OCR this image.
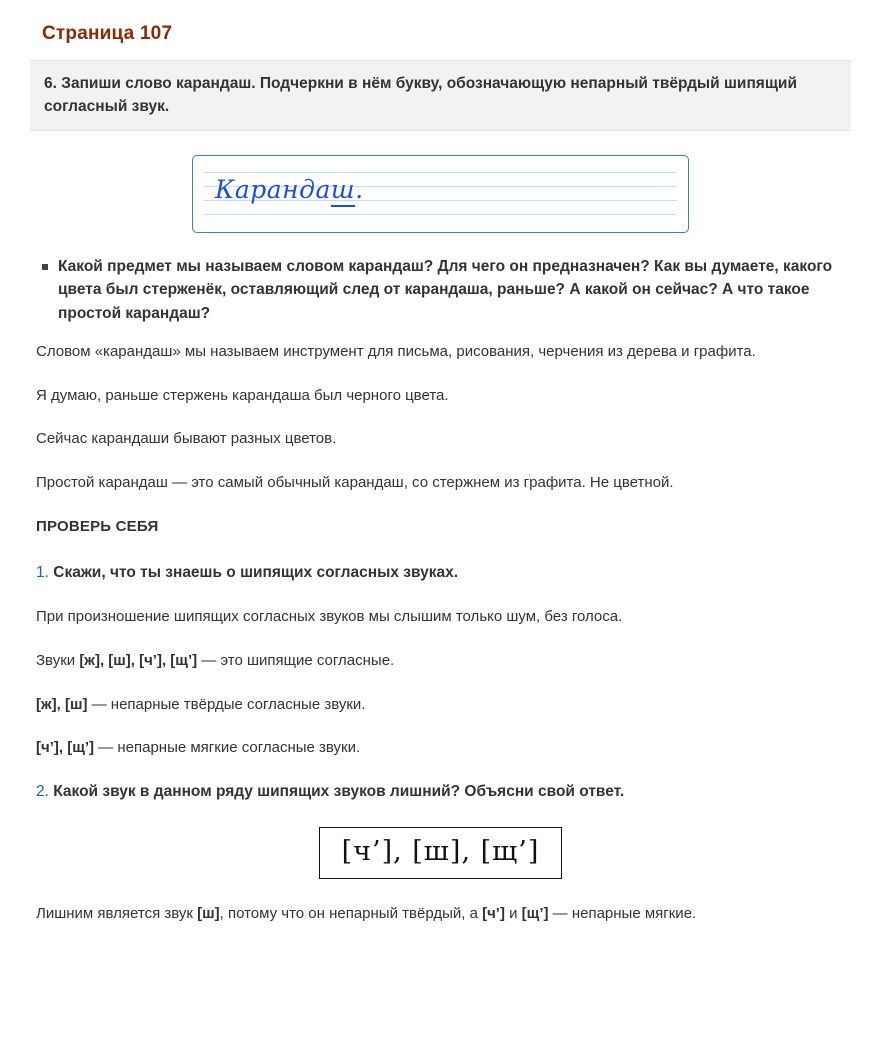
Страница 107
6. Запиши слово карандаш. Подчеркни в нём букву, обозначающую непарный твёрдый шипящий согласный звук.
Карандаш.
Какой предмет мы называем словом карандаш? Для чего он предназначен? Как вы думаете, какого цвета был стерженёк, оставляющий след от карандаша, раньше? А какой он сейчас? А что такое простой карандаш?

Словом «карандаш» мы называем инструмент для письма, рисования, черчения из дерева и графита.

Я думаю, раньше стержень карандаша был черного цвета.

Сейчас карандаши бывают разных цветов.

Простой карандаш — это самый обычный карандаш, со стержнем из графита. Не цветной.

ПРОВЕРЬ СЕБЯ
1. Скажи, что ты знаешь о шипящих согласных звуках.

При произношение шипящих согласных звуков мы слышим только шум, без голоса.

Звуки [ж], [ш], [ч’], [щ’] — это шипящие согласные.

[ж], [ш] — непарные твёрдые согласные звуки.

[ч’], [щ’] — непарные мягкие согласные звуки.

2. Какой звук в данном ряду шипящих звуков лишний? Объясни свой ответ.
[ч’], [ш], [щ’]

Лишним является звук [ш], потому что он непарный твёрдый, а [ч’] и [щ’] — непарные мягкие.
